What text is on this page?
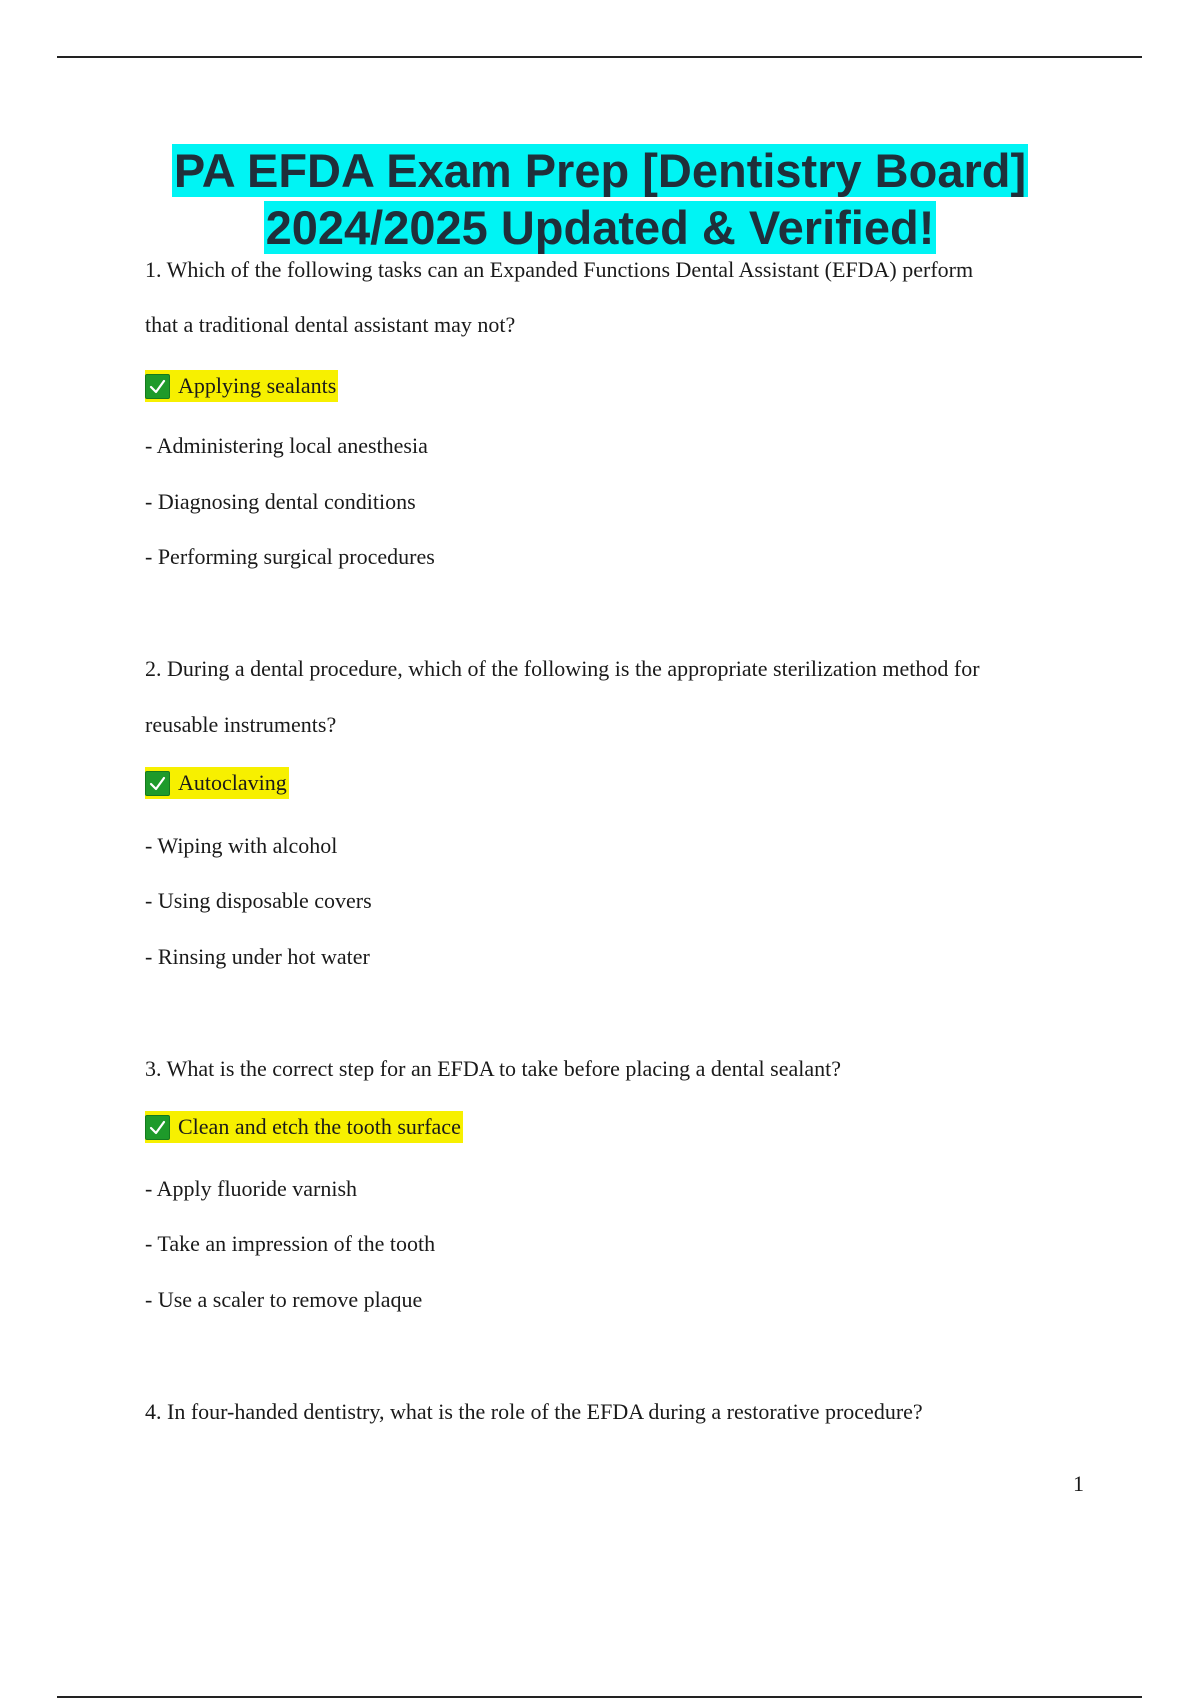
PA EFDA Exam Prep [Dentistry Board]
2024/2025 Updated & Verified!
1. Which of the following tasks can an Expanded Functions Dental Assistant (EFDA) perform
that a traditional dental assistant may not?
Applying sealants
- Administering local anesthesia
- Diagnosing dental conditions
- Performing surgical procedures
2. During a dental procedure, which of the following is the appropriate sterilization method for
reusable instruments?
Autoclaving
- Wiping with alcohol
- Using disposable covers
- Rinsing under hot water
3. What is the correct step for an EFDA to take before placing a dental sealant?
Clean and etch the tooth surface
- Apply fluoride varnish
- Take an impression of the tooth
- Use a scaler to remove plaque
4. In four-handed dentistry, what is the role of the EFDA during a restorative procedure?
1
